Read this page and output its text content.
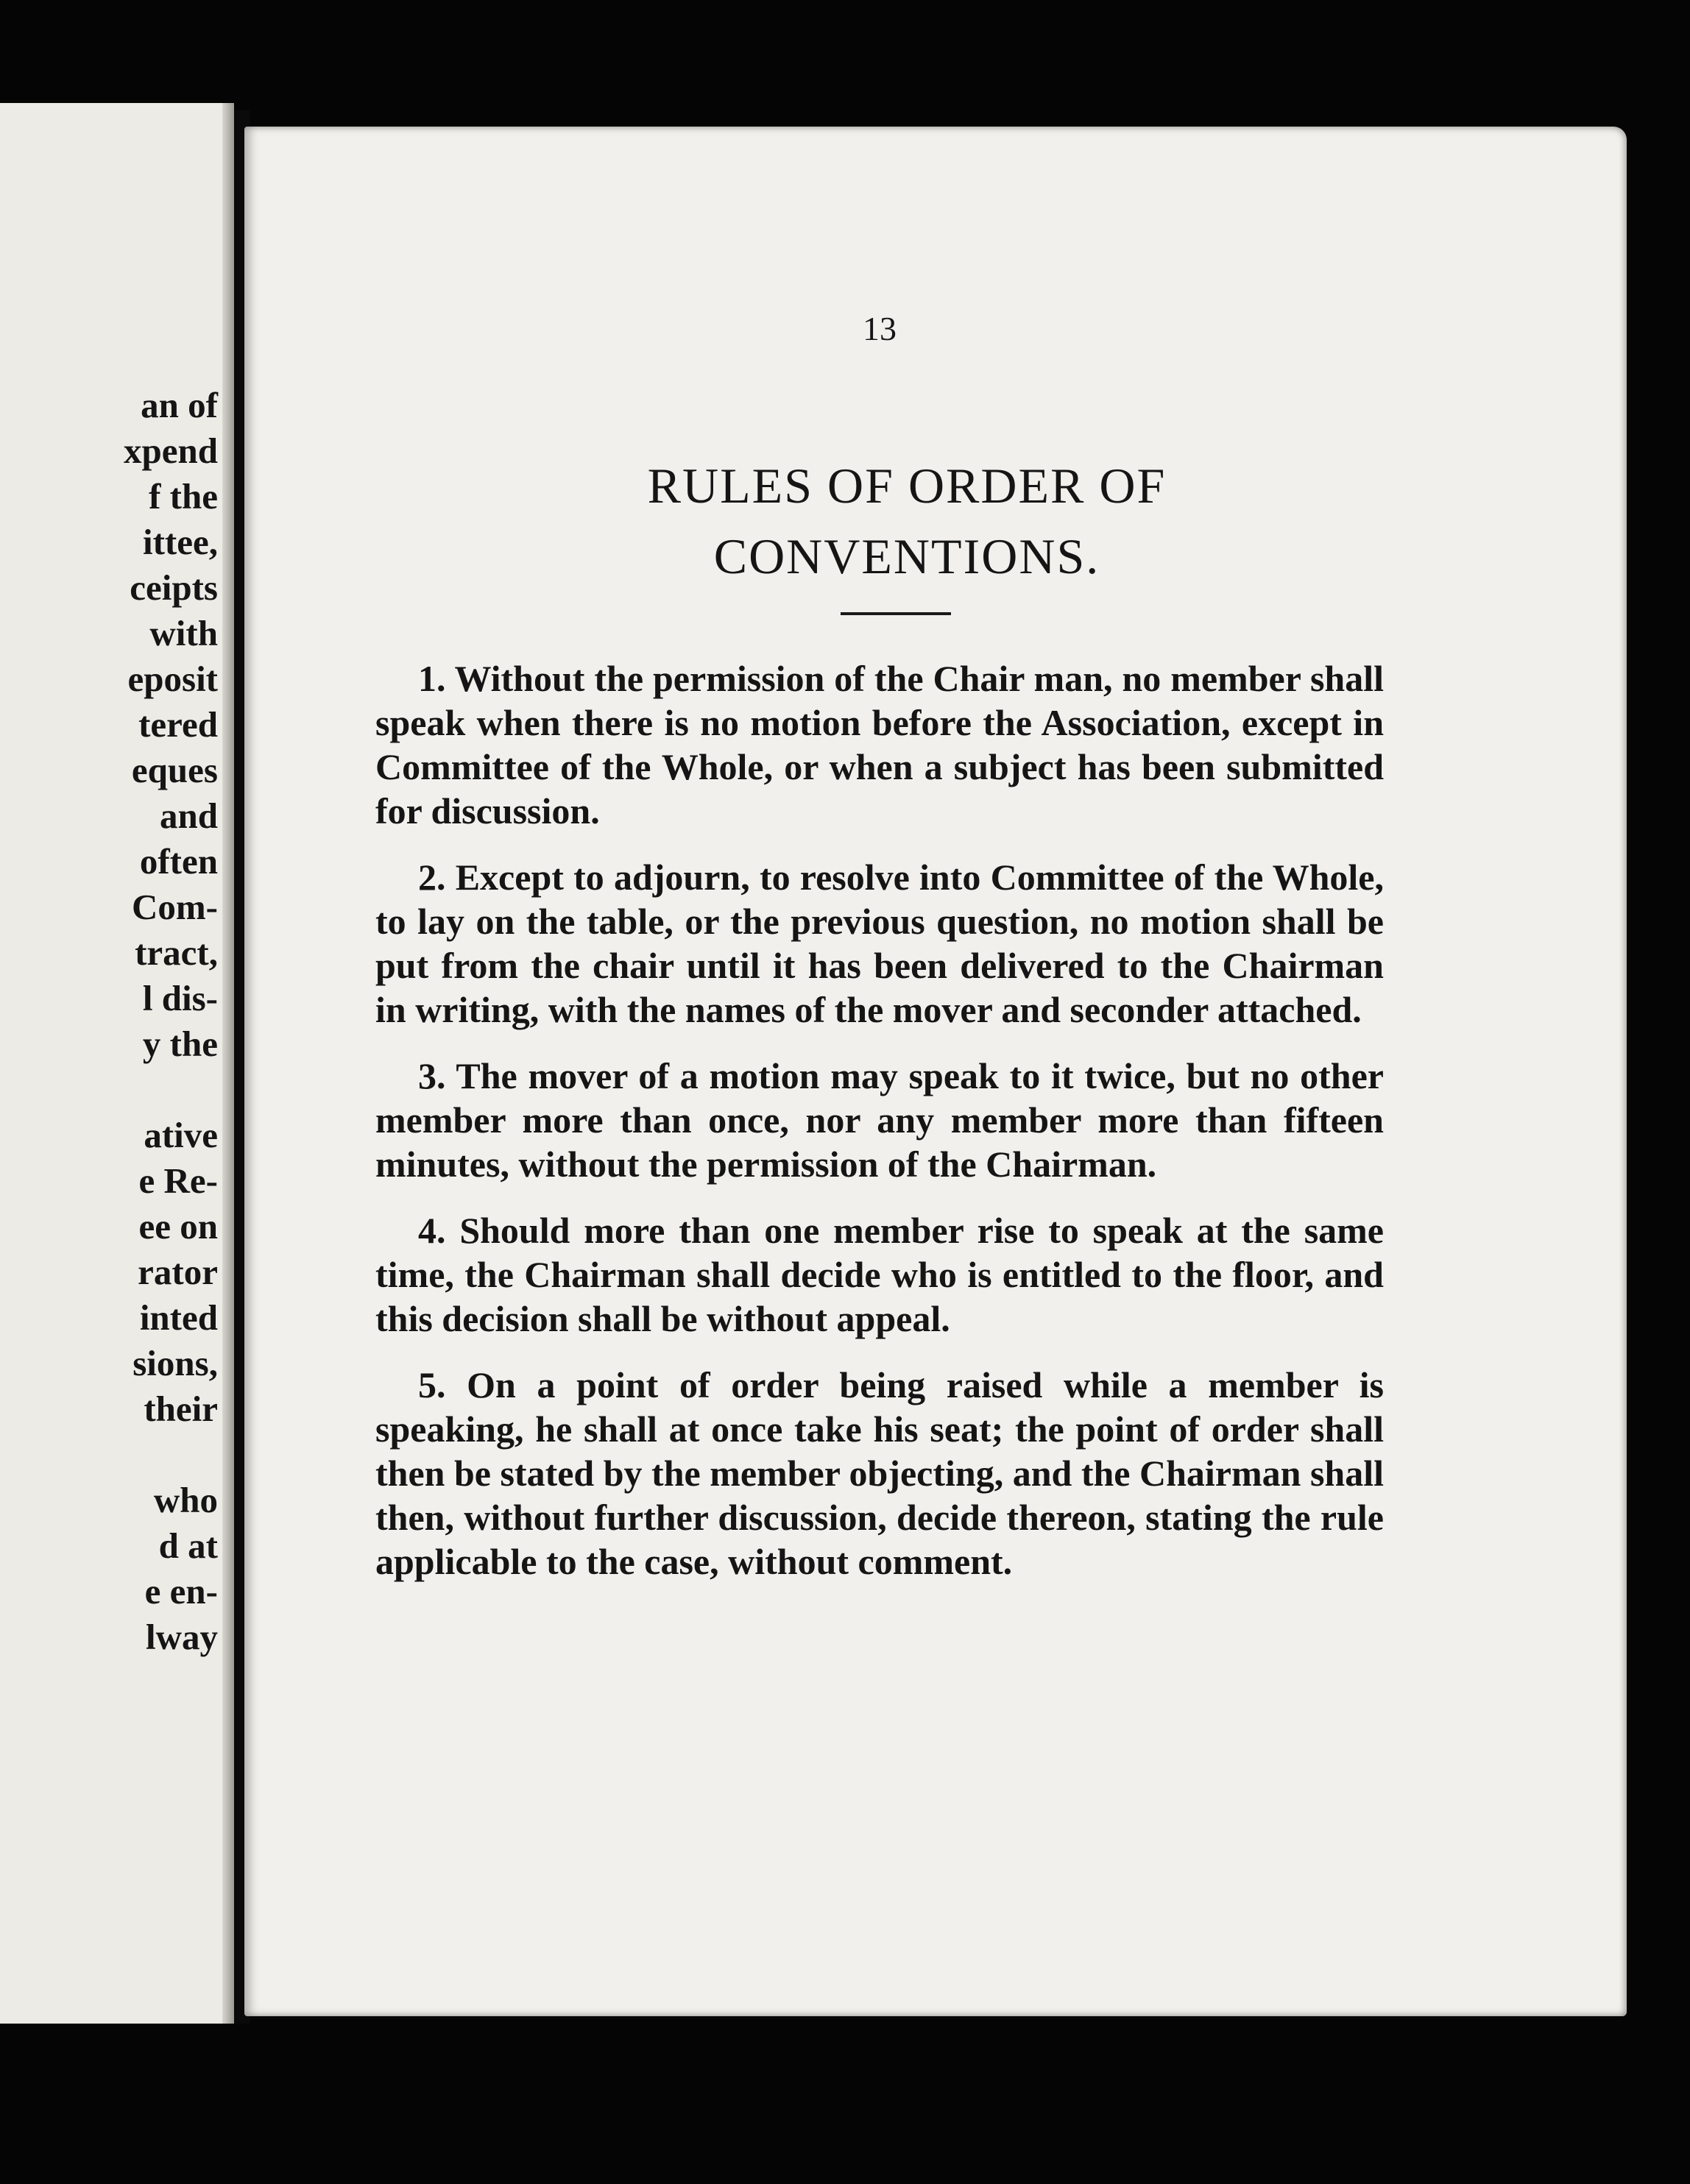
an of
xpend
f the
ittee,
ceipts
with
eposit
tered
eques
and
often
Com-
tract,
l dis-
y the

ative
e Re-
ee on
rator
inted
sions,
their

who
d at
e en-
lway
13
RULES OF ORDER OF
CONVENTIONS.

1. Without the permission of the Chair man, no member shall speak when there is no motion before the Association, except in Committee of the Whole, or when a subject has been submitted for discussion.

2. Except to adjourn, to resolve into Committee of the Whole, to lay on the table, or the previous question, no motion shall be put from the chair until it has been delivered to the Chairman in writing, with the names of the mover and seconder attached.

3. The mover of a motion may speak to it twice, but no other member more than once, nor any member more than fifteen minutes, without the permission of the Chairman.

4. Should more than one member rise to speak at the same time, the Chairman shall decide who is entitled to the floor, and this decision shall be without appeal.

5. On a point of order being raised while a member is speaking, he shall at once take his seat; the point of order shall then be stated by the member objecting, and the Chairman shall then, without further discussion, decide thereon, stating the rule applicable to the case, without comment.
